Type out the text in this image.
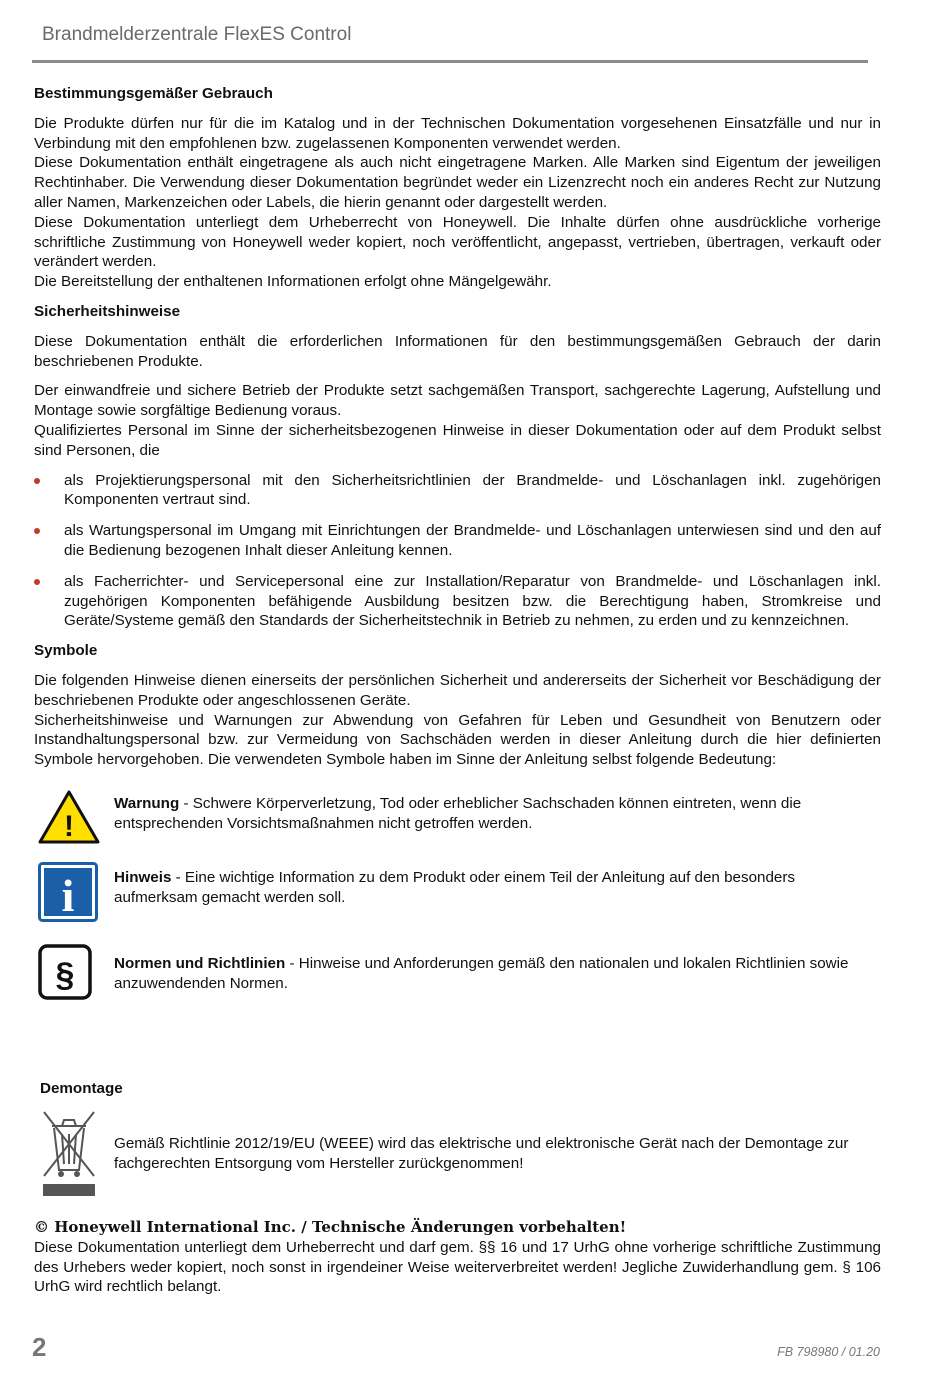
Brandmelderzentrale FlexES Control
Bestimmungsgemäßer Gebrauch

Die Produkte dürfen nur für die im Katalog und in der Technischen Dokumentation vorgesehenen Einsatzfälle und nur in Verbindung mit den empfohlenen bzw. zugelassenen Komponenten verwendet werden.

Diese Dokumentation enthält eingetragene als auch nicht eingetragene Marken. Alle Marken sind Eigentum der jeweiligen Rechtinhaber. Die Verwendung dieser Dokumentation begründet weder ein Lizenzrecht noch ein anderes Recht zur Nutzung aller Namen, Markenzeichen oder Labels, die hierin genannt oder dargestellt werden.

Diese Dokumentation unterliegt dem Urheberrecht von Honeywell. Die Inhalte dürfen ohne ausdrückliche vorherige schriftliche Zustimmung von Honeywell weder kopiert, noch veröffentlicht, angepasst, vertrieben, übertragen, verkauft oder verändert werden.

Die Bereitstellung der enthaltenen Informationen erfolgt ohne Mängelgewähr.

Sicherheitshinweise

Diese Dokumentation enthält die erforderlichen Informationen für den bestimmungsgemäßen Gebrauch der darin beschriebenen Produkte.

Der einwandfreie und sichere Betrieb der Produkte setzt sachgemäßen Transport, sachgerechte Lagerung, Aufstellung und Montage sowie sorgfältige Bedienung voraus.

Qualifiziertes Personal im Sinne der sicherheitsbezogenen Hinweise in dieser Dokumentation oder auf dem Produkt selbst sind Personen, die

als Projektierungspersonal mit den Sicherheitsrichtlinien der Brandmelde- und Löschanlagen inkl. zugehörigen Komponenten vertraut sind.
als Wartungspersonal im Umgang mit Einrichtungen der Brandmelde- und Löschanlagen unterwiesen sind und den auf die Bedienung bezogenen Inhalt dieser Anleitung kennen.
als Facherrichter- und Servicepersonal eine zur Installation/Reparatur von Brandmelde- und Löschanlagen inkl. zugehörigen Komponenten befähigende Ausbildung besitzen bzw. die Berechtigung haben, Stromkreise und Geräte/Systeme gemäß den Standards der Sicherheitstechnik in Betrieb zu nehmen, zu erden und zu kennzeichnen.
Symbole

Die folgenden Hinweise dienen einerseits der persönlichen Sicherheit und andererseits der Sicherheit vor Beschädigung der beschriebenen Produkte oder angeschlossenen Geräte.

Sicherheitshinweise und Warnungen zur Abwendung von Gefahren für Leben und Gesundheit von Benutzern oder Instandhaltungspersonal bzw. zur Vermeidung von Sachschäden werden in dieser Anleitung durch die hier definierten Symbole hervorgehoben. Die verwendeten Symbole haben im Sinne der Anleitung selbst folgende Bedeutung:

!
Warnung - Schwere Körperverletzung, Tod oder erheblicher Sachschaden können eintreten, wenn die entsprechenden Vorsichtsmaßnahmen nicht getroffen werden.
i	Hinweis - Eine wichtige Information zu dem Produkt oder einem Teil der Anleitung auf den besonders aufmerksam gemacht werden soll.
§	Normen und Richtlinien - Hinweise und Anforderungen gemäß den nationalen und lokalen Richtlinien sowie anzuwendenden Normen.
Demontage
Gemäß Richtlinie 2012/19/EU (WEEE) wird das elektrische und elektronische Gerät nach der Demontage zur fachgerechten Entsorgung vom Hersteller zurückgenommen!
© Honeywell International Inc. / Technische Änderungen vorbehalten!

Diese Dokumentation unterliegt dem Urheberrecht und darf gem. §§ 16 und 17 UrhG ohne vorherige schriftliche Zustimmung des Urhebers weder kopiert, noch sonst in irgendeiner Weise weiterverbreitet werden! Jegliche Zuwiderhandlung gem. § 106 UrhG wird rechtlich belangt.

2	FB 798980 / 01.20
